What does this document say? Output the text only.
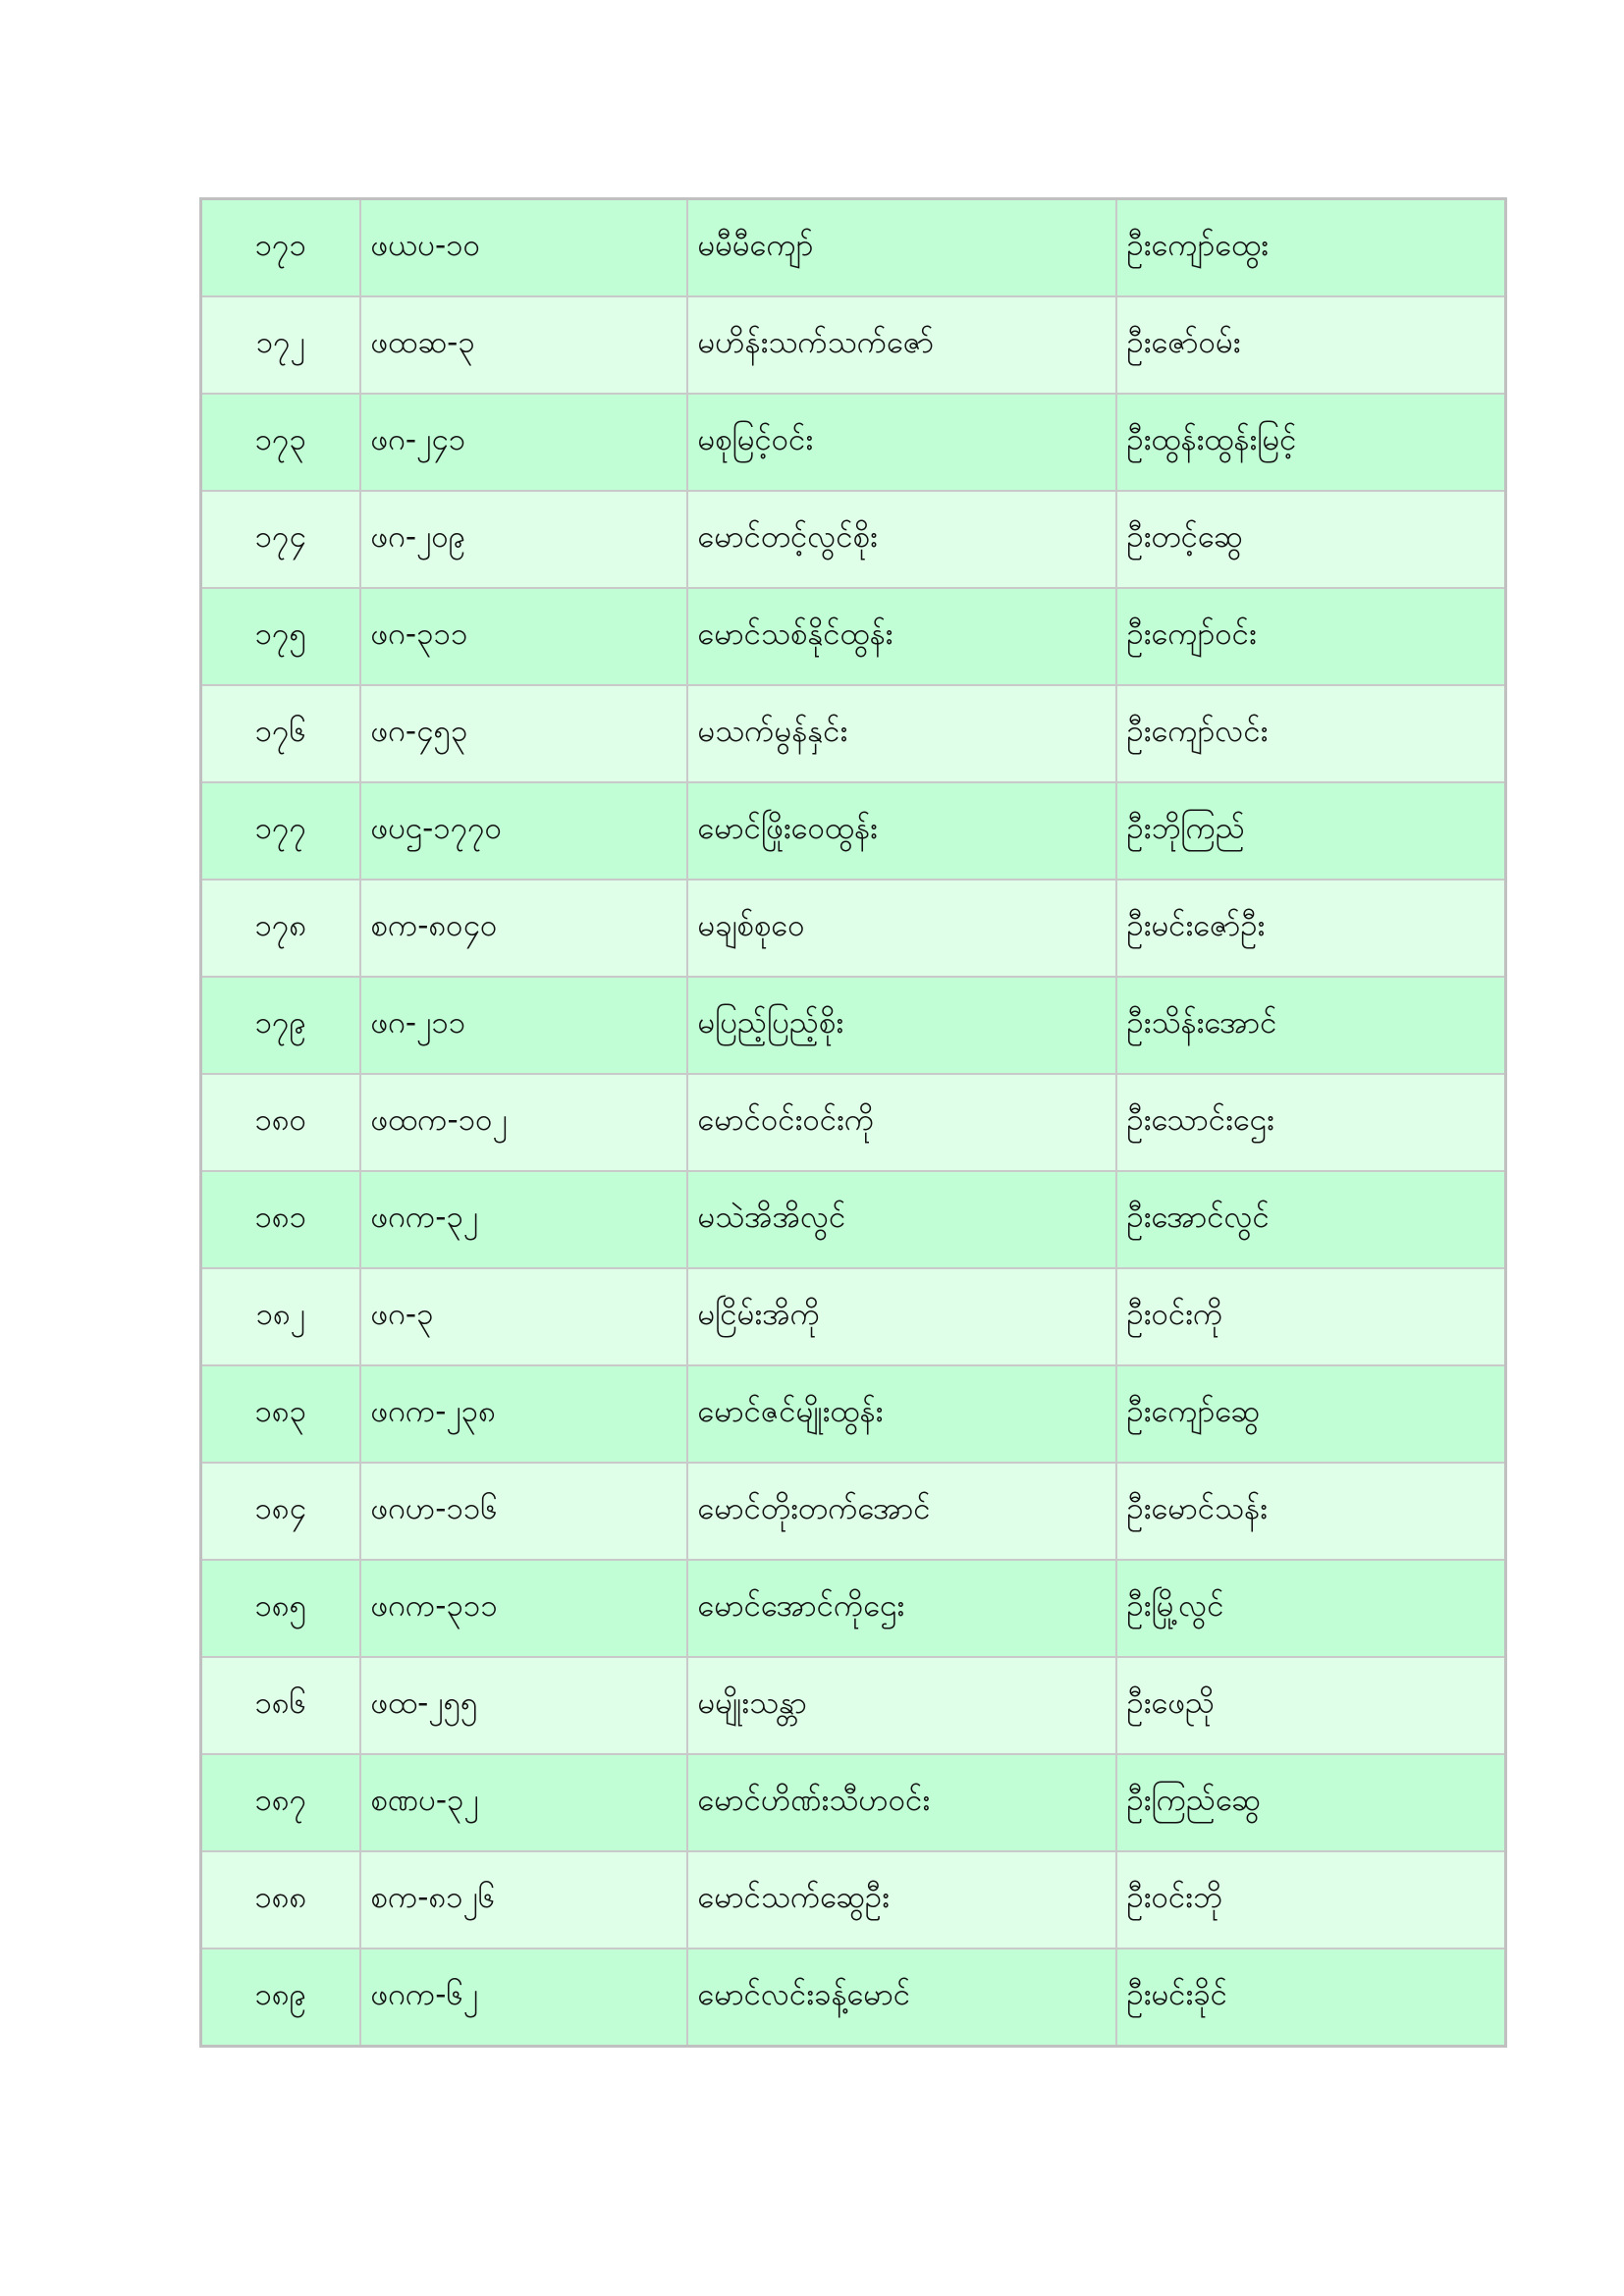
၁၇၁	ဖယပ-၁၀	မမီမီကျော်	ဦးကျော်ထွေး
၁၇၂	ဖထဆ-၃	မဟိန်းသက်သက်ဇော်	ဦးဇော်ဝမ်း
၁၇၃	ဖဂ-၂၄၁	မစုမြင့်ဝင်း	ဦးထွန်းထွန်းမြင့်
၁၇၄	ဖဂ-၂၀၉	မောင်တင့်လွင်စိုး	ဦးတင့်ဆွေ
၁၇၅	ဖဂ-၃၁၁	မောင်သစ်နိုင်ထွန်း	ဦးကျော်ဝင်း
၁၇၆	ဖဂ-၄၅၃	မသက်မွန်နှင်း	ဦးကျော်လင်း
၁၇၇	ဖပဌ-၁၇၇၀	မောင်ဖြိုးဝေထွန်း	ဦးဘိုကြည်
၁၇၈	စက-၈၀၄၀	မချစ်စုဝေ	ဦးမင်းဇော်ဦး
၁၇၉	ဖဂ-၂၁၁	မပြည့်ပြည့်စိုး	ဦးသိန်းအောင်
၁၈၀	ဖထက-၁၀၂	မောင်ဝင်းဝင်းကို	ဦးသောင်းဌေး
၁၈၁	ဖဂက-၃၂	မသဲအိအိလွင်	ဦးအောင်လွင်
၁၈၂	ဖဂ-၃	မငြိမ်းအိကို	ဦးဝင်းကို
၁၈၃	ဖဂက-၂၃၈	မောင်ဇင်မျိုးထွန်း	ဦးကျော်ဆွေ
၁၈၄	ဖဂဟ-၁၁၆	မောင်တိုးတက်အောင်	ဦးမောင်သန်း
၁၈၅	ဖဂက-၃၁၁	မောင်အောင်ကိုဌေး	ဦးမြို့လွင်
၁၈၆	ဖထ-၂၅၅	မမျိုးသန္တာ	ဦးဖေညို
၁၈၇	စဏပ-၃၂	မောင်ဟိဏ်းသီဟဝင်း	ဦးကြည်ဆွေ
၁၈၈	စက-၈၁၂၆	မောင်သက်ဆွေဦး	ဦးဝင်းဘို
၁၈၉	ဖဂက-၆၂	မောင်လင်းခန့်မောင်	ဦးမင်းခိုင်
